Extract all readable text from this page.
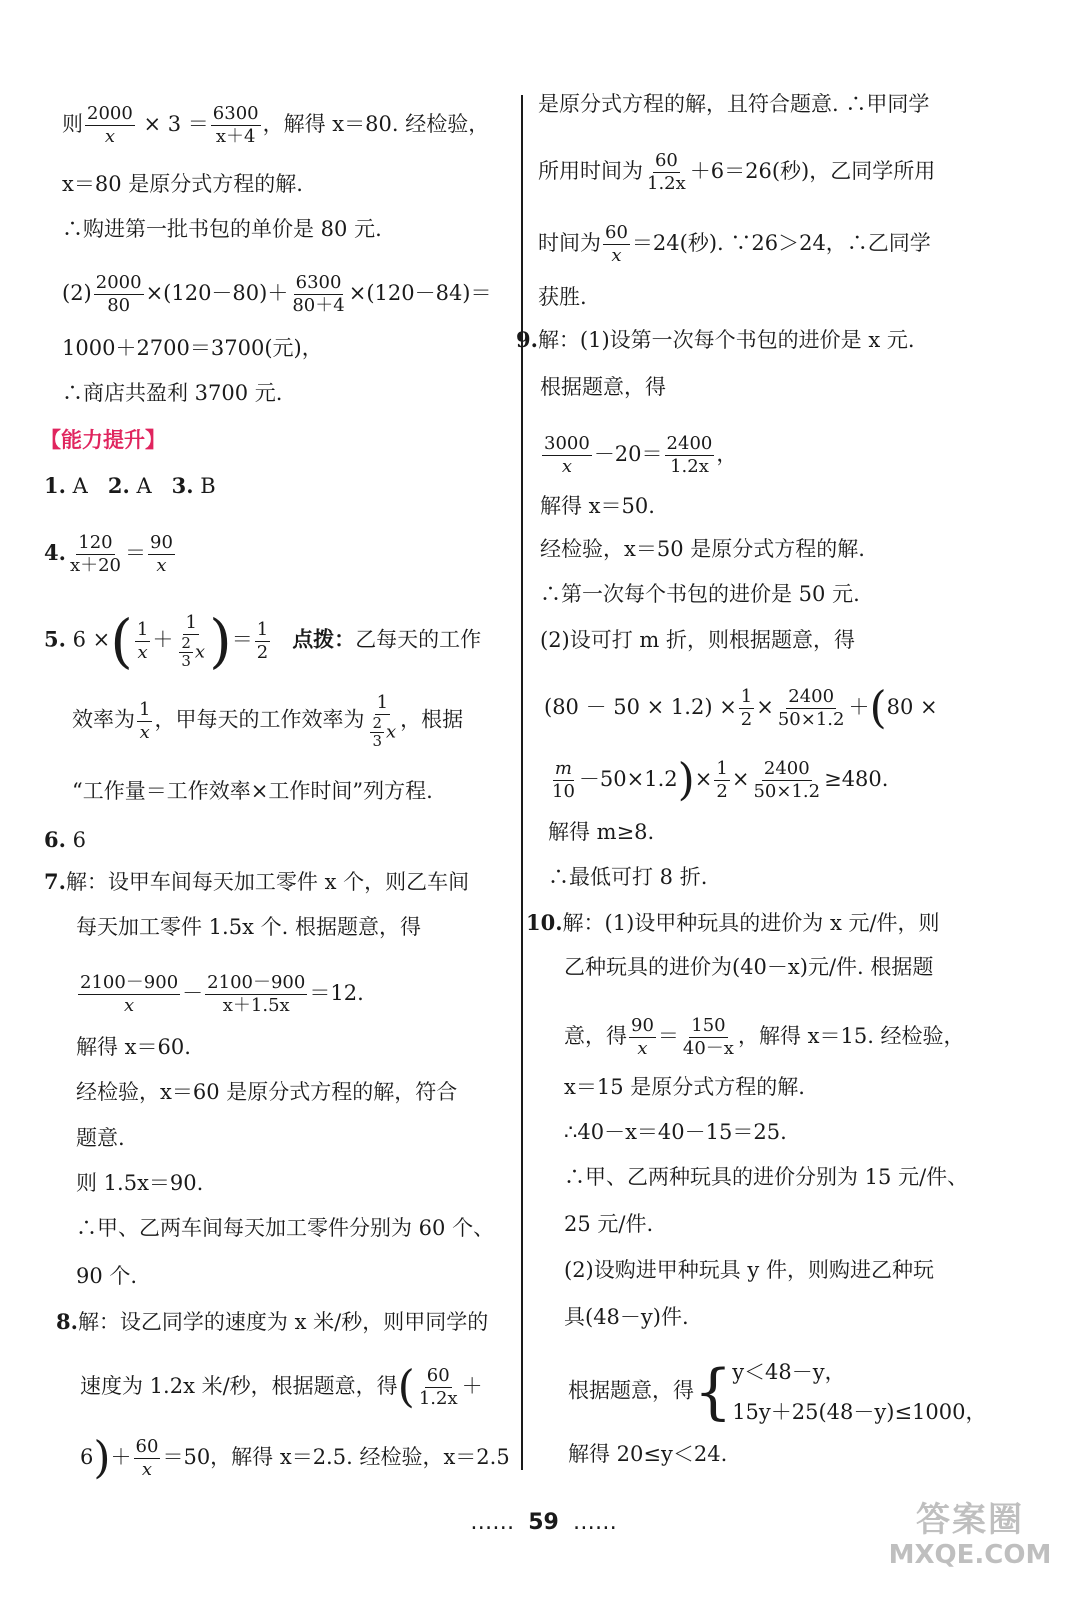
则 $\frac{2000}{x} \times 3 = \frac{6300}{x+4}$ ，解得 x＝80. 经检验，
x＝80 是原分式方程的解.
∴购进第一批书包的单价是 80 元.
$(2) \frac{2000}{80} \times(120-80)+ \frac{6300}{80+4} \times(120-84)=$
1000＋2700＝3700(元)，
∴商店共盈利 3700 元.
【能力提升】
1. A 2. A 3. B
4. $\frac{120}{x+20} = \frac{90}{x}$
5. 6 ×( $\frac{1}{x} + \frac{1}{\frac{2}{3} x}$ )＝ $\frac{1}{2}$ 点拨：乙每天的工作
效率为 $\frac{1}{x}$ ，甲每天的工作效率为 $\frac{1}{\frac{2}{3} x}$ ，根据
“工作量＝工作效率×工作时间”列方程.
6. 6
7.解：设甲车间每天加工零件 x 个，则乙车间
每天加工零件 1.5x 个. 根据题意，得
$\frac{2100-900}{x} - \frac{2100-900}{x+1.5x} =12$.
解得 x＝60.
经检验，x＝60 是原分式方程的解，符合
题意.
则 1.5x＝90.
∴甲、乙两车间每天加工零件分别为 60 个、
90 个.
8.解：设乙同学的速度为 x 米/秒，则甲同学的
速度为 1.2x 米/秒，根据题意，得( $\frac{60}{1.2x}$ ＋
$6)+ \frac{60}{x} =50$，解得 x＝2.5. 经检验，x＝2.5
是原分式方程的解，且符合题意. ∴甲同学
所用时间为 $\frac{60}{1.2x} +6=26$(秒)，乙同学所用
时间为 $\frac{60}{x} =24$(秒). ∵26＞24，∴乙同学
获胜.
9.解：(1)设第一次每个书包的进价是 x 元.
根据题意，得
$\frac{3000}{x} -20= \frac{2400}{1.2x}$ ，
解得 x＝50.
经检验，x＝50 是原分式方程的解.
∴第一次每个书包的进价是 50 元.
(2)设可打 m 折，则根据题意，得
$(80 - 50 \times 1.2) \times \frac{1}{2} \times \frac{2400}{50\times 1.2} +(80$ ×
$\frac{m}{10} -50\times 1.2)\times \frac{1}{2} \times \frac{2400}{50\times 1.2} \ge 480$.
解得 m≥8.
∴最低可打 8 折.
10.解：(1)设甲种玩具的进价为 x 元/件，则
乙种玩具的进价为(40－x)元/件. 根据题
意，得 $\frac{90}{x} = \frac{150}{40-x}$ ，解得 x＝15. 经检验，
x＝15 是原分式方程的解.
∴40－x＝40－15＝25.
∴甲、乙两种玩具的进价分别为 15 元/件、
25 元/件.
(2)设购进甲种玩具 y 件，则购进乙种玩
具(48－y)件.
根据题意，得{ y＜48－y，
15y＋25(48－y)≤1000，
解得 20≤y＜24.
…… 59 ……	答案圈
MXQE.COM
